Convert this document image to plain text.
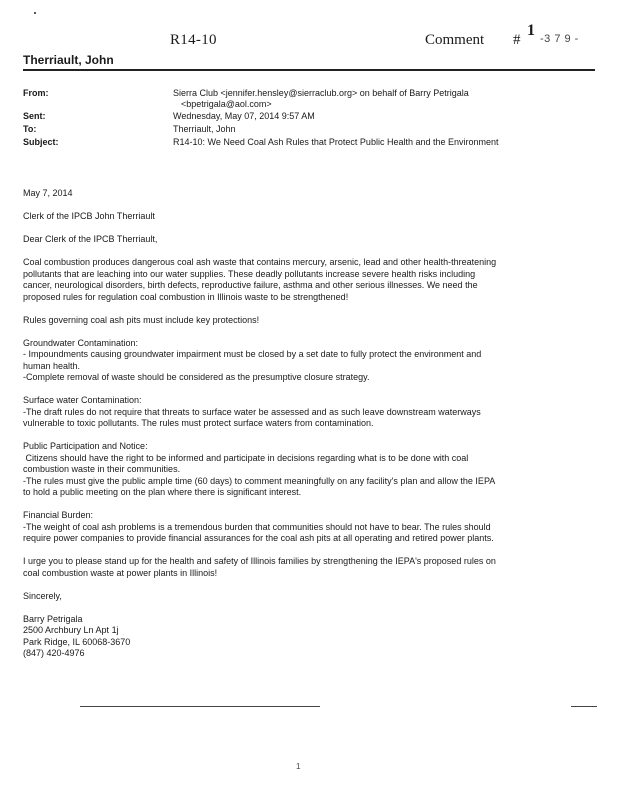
R14-10	Comment #
1 -3 7 9 -
Therriault, John
From:	Sierra Club <jennifer.hensley@sierraclub.org> on behalf of Barry Petrigala
<bpetrigala@aol.com>
Sent:	Wednesday, May 07, 2014 9:57 AM
To:	Therriault, John
Subject:	R14-10: We Need Coal Ash Rules that Protect Public Health and the Environment

May 7, 2014

Clerk of the IPCB John Therriault

Dear Clerk of the IPCB Therriault,

Coal combustion produces dangerous coal ash waste that contains mercury, arsenic, lead and other health-threatening

pollutants that are leaching into our water supplies. These deadly pollutants increase severe health risks including

cancer, neurological disorders, birth defects, reproductive failure, asthma and other serious illnesses. We need the

proposed rules for regulation coal combustion in Illinois waste to be strengthened!

Rules governing coal ash pits must include key protections!

Groundwater Contamination:

- Impoundments causing groundwater impairment must be closed by a set date to fully protect the environment and

human health.

-Complete removal of waste should be considered as the presumptive closure strategy.

Surface water Contamination:

-The draft rules do not require that threats to surface water be assessed and as such leave downstream waterways

vulnerable to toxic pollutants. The rules must protect surface waters from contamination.

Public Participation and Notice:

Citizens should have the right to be informed and participate in decisions regarding what is to be done with coal

combustion waste in their communities.

-The rules must give the public ample time (60 days) to comment meaningfully on any facility's plan and allow the IEPA

to hold a public meeting on the plan where there is significant interest.

Financial Burden:

-The weight of coal ash problems is a tremendous burden that communities should not have to bear. The rules should

require power companies to provide financial assurances for the coal ash pits at all operating and retired power plants.

I urge you to please stand up for the health and safety of Illinois families by strengthening the IEPA's proposed rules on

coal combustion waste at power plants in Illinois!

Sincerely,

Barry Petrigala

2500 Archbury Ln Apt 1j

Park Ridge, IL 60068-3670

(847) 420-4976

1
